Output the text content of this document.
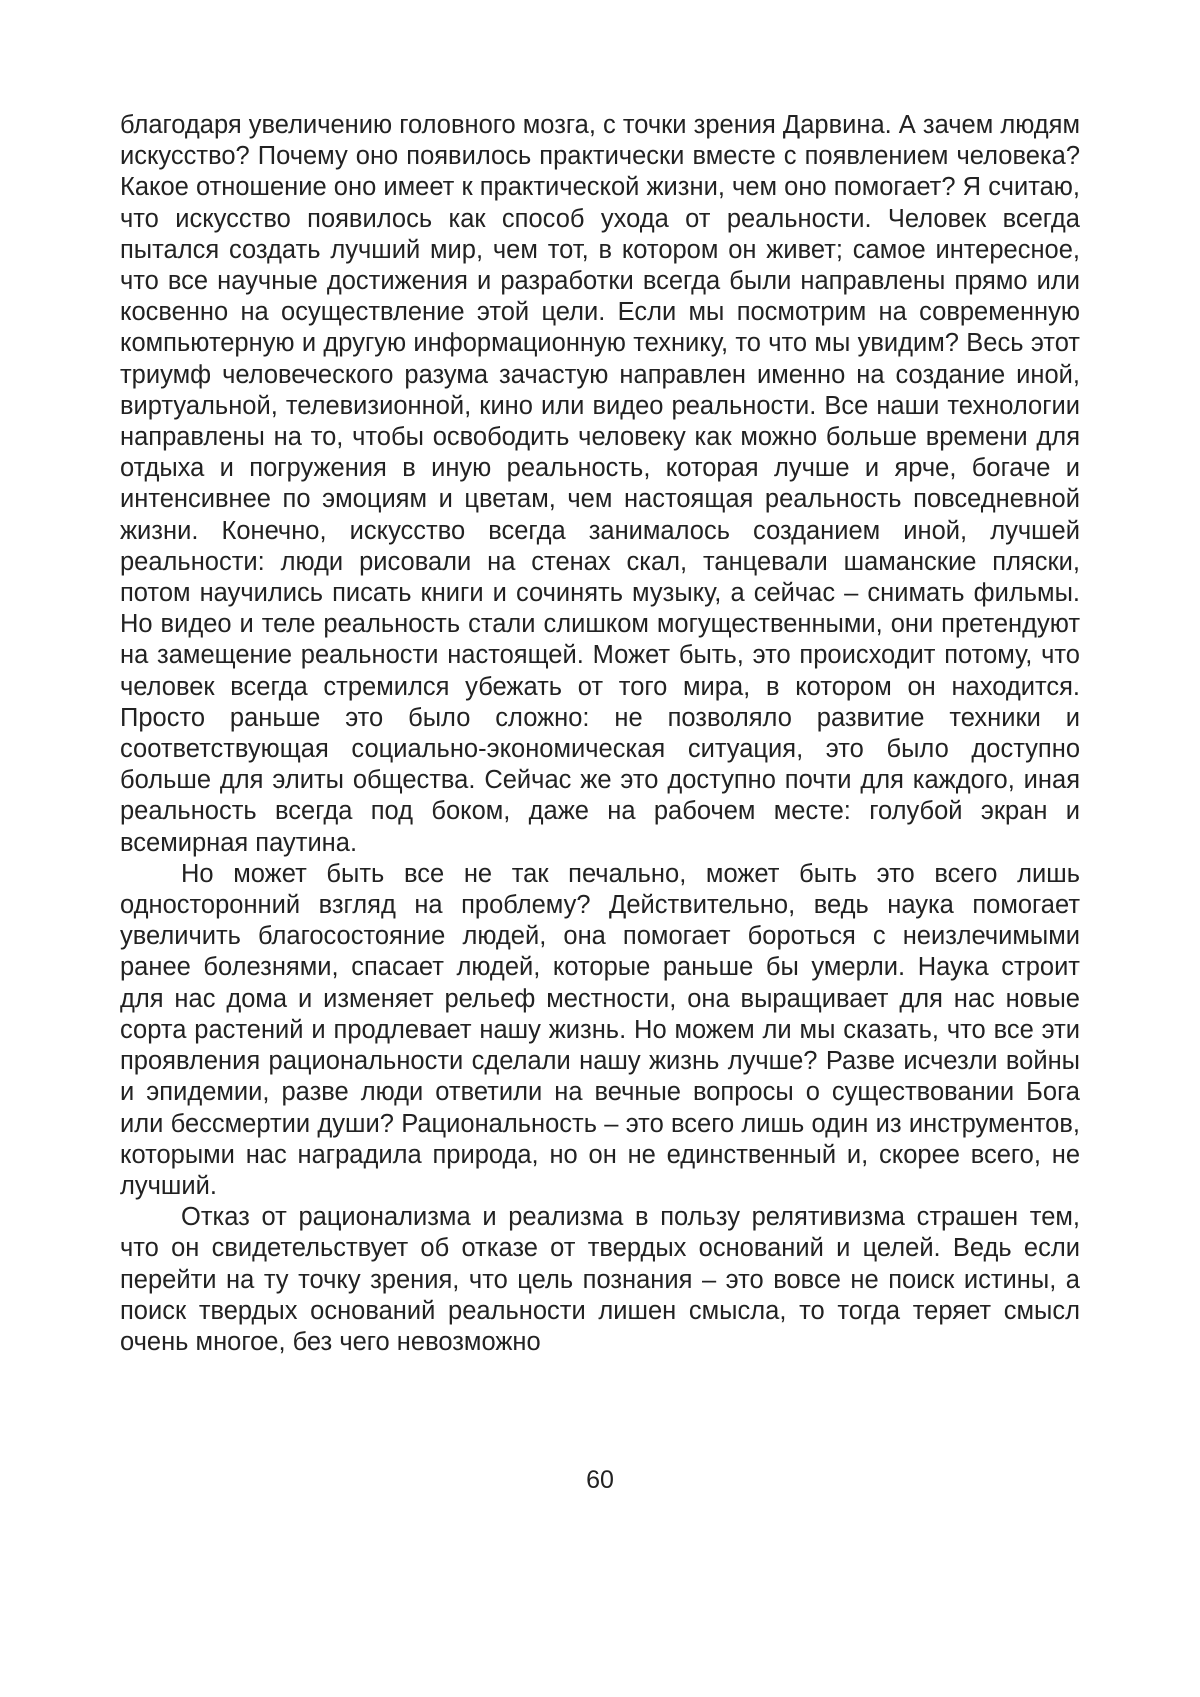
благодаря увеличению головного мозга, с точки зрения Дарвина. А зачем людям искусство? Почему оно появилось практически вместе с появлением человека? Какое отношение оно имеет к практической жизни, чем оно помогает? Я считаю, что искусство появилось как способ ухода от реальности. Человек всегда пытался создать лучший мир, чем тот, в котором он живет; самое интересное, что все научные достижения и разработки всегда были направлены прямо или косвенно на осуществление этой цели. Если мы посмотрим на современную компьютерную и другую информационную технику, то что мы увидим? Весь этот триумф человеческого разума зачастую направлен именно на создание иной, виртуальной, телевизионной, кино или видео реальности. Все наши технологии направлены на то, чтобы освободить человеку как можно больше времени для отдыха и погружения в иную реальность, которая лучше и ярче, богаче и интенсивнее по эмоциям и цветам, чем настоящая реальность повседневной жизни. Конечно, искусство всегда занималось созданием иной, лучшей реальности: люди рисовали на стенах скал, танцевали шаманские пляски, потом научились писать книги и сочинять музыку, а сейчас – снимать фильмы. Но видео и теле реальность стали слишком могущественными, они претендуют на замещение реальности настоящей. Может быть, это происходит потому, что человек всегда стремился убежать от того мира, в котором он находится. Просто раньше это было сложно: не позволяло развитие техники и соответствующая социально-экономическая ситуация, это было доступно больше для элиты общества. Сейчас же это доступно почти для каждого, иная реальность всегда под боком, даже на рабочем месте: голубой экран и всемирная паутина.

Но может быть все не так печально, может быть это всего лишь односторонний взгляд на проблему? Действительно, ведь наука помогает увеличить благосостояние людей, она помогает бороться с неизлечимыми ранее болезнями, спасает людей, которые раньше бы умерли. Наука строит для нас дома и изменяет рельеф местности, она выращивает для нас новые сорта растений и продлевает нашу жизнь. Но можем ли мы сказать, что все эти проявления рациональности сделали нашу жизнь лучше? Разве исчезли войны и эпидемии, разве люди ответили на вечные вопросы о существовании Бога или бессмертии души? Рациональность – это всего лишь один из инструментов, которыми нас наградила природа, но он не единственный и, скорее всего, не лучший.

Отказ от рационализма и реализма в пользу релятивизма страшен тем, что он свидетельствует об отказе от твердых оснований и целей. Ведь если перейти на ту точку зрения, что цель познания – это вовсе не поиск истины, а поиск твердых оснований реальности лишен смысла, то тогда теряет смысл очень многое, без чего невозможно

60
